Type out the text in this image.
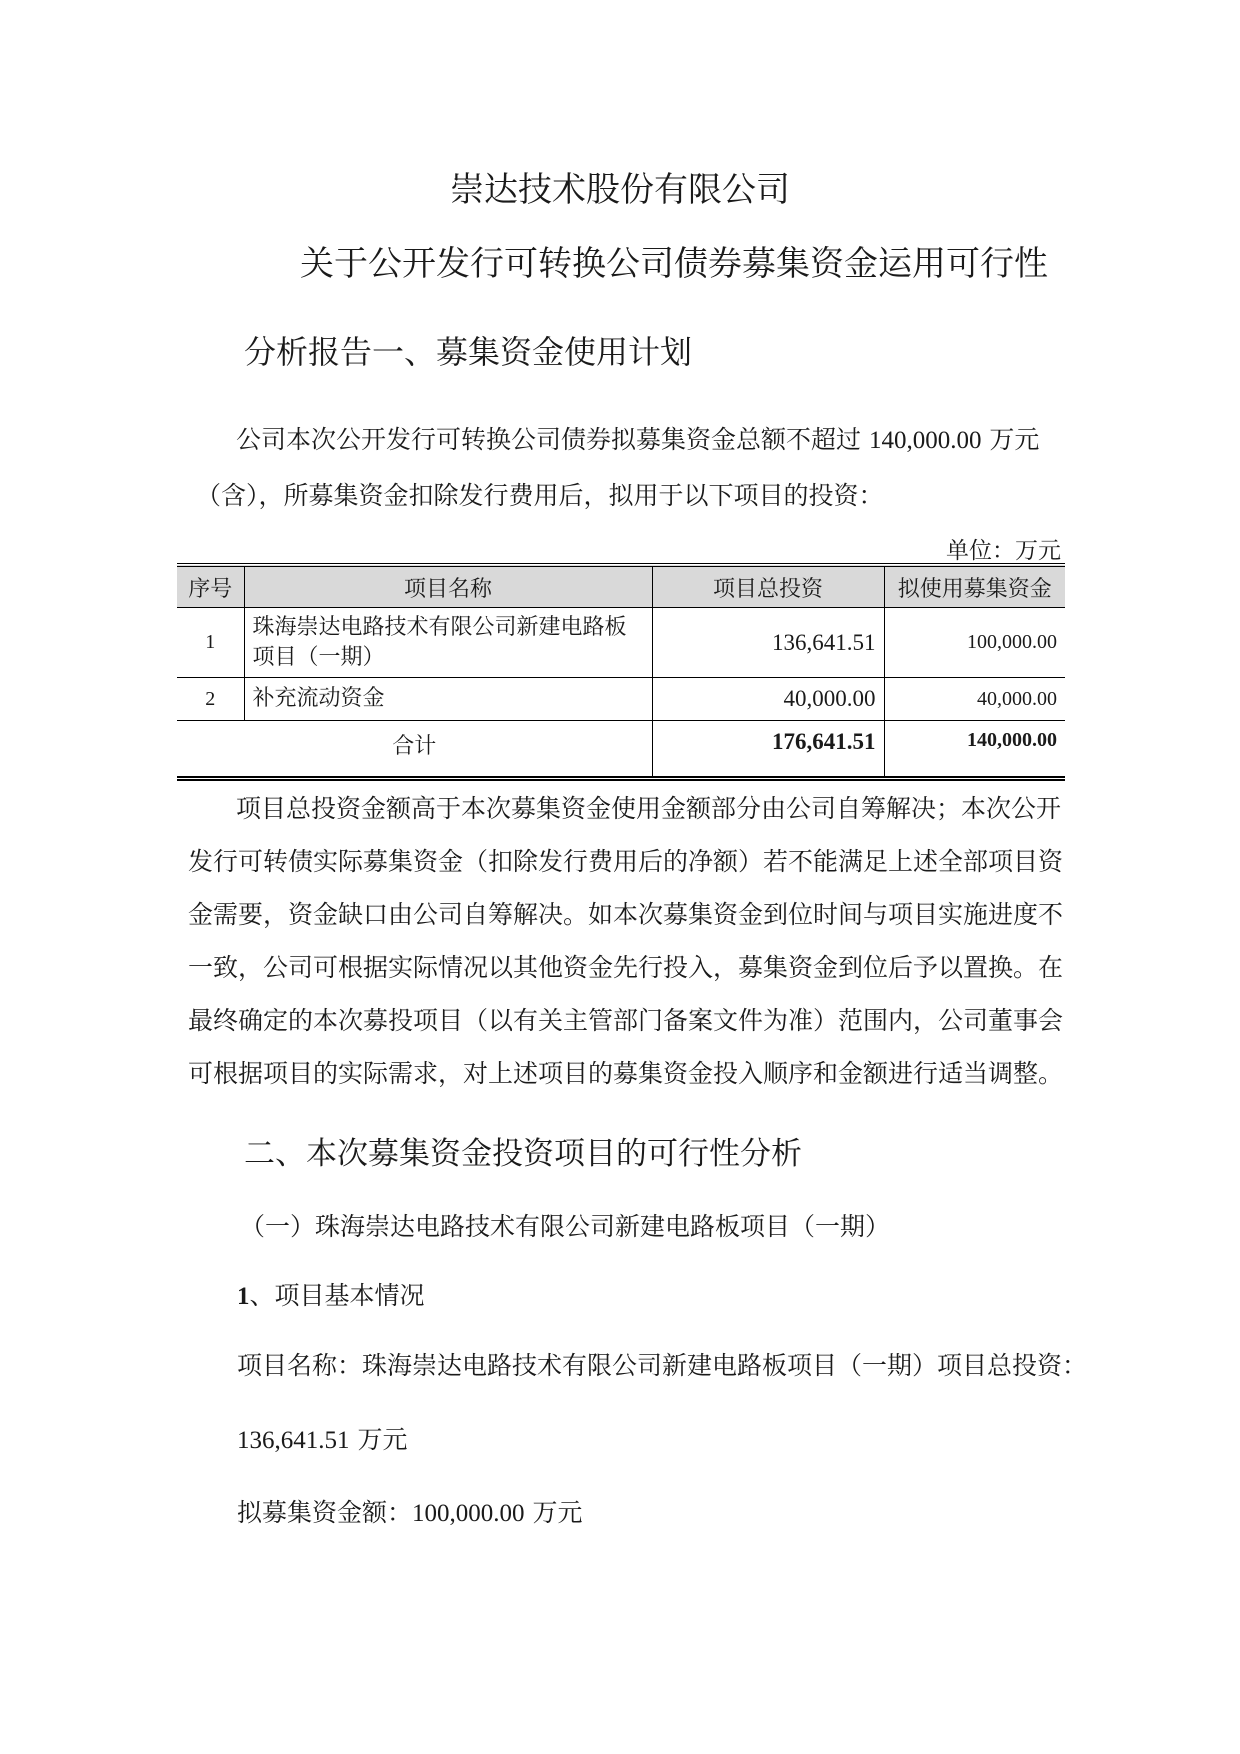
崇达技术股份有限公司
关于公开发行可转换公司债券募集资金运用可行性
分析报告一、募集资金使用计划
公司本次公开发行可转换公司债券拟募集资金总额不超过 140,000.00 万元
（含），所募集资金扣除发行费用后，拟用于以下项目的投资：
单位：万元
序号	项目名称	项目总投资	拟使用募集资金
1	珠海崇达电路技术有限公司新建电路板项目（一期）	136,641.51	100,000.00
2	补充流动资金	40,000.00	40,000.00
合计		176,641.51	140,000.00
项目总投资金额高于本次募集资金使用金额部分由公司自筹解决；本次公开发行可转债实际募集资金（扣除发行费用后的净额）若不能满足上述全部项目资金需要，资金缺口由公司自筹解决。如本次募集资金到位时间与项目实施进度不一致，公司可根据实际情况以其他资金先行投入，募集资金到位后予以置换。在最终确定的本次募投项目（以有关主管部门备案文件为准）范围内，公司董事会可根据项目的实际需求，对上述项目的募集资金投入顺序和金额进行适当调整。
二、本次募集资金投资项目的可行性分析
（一）珠海崇达电路技术有限公司新建电路板项目（一期）
1、项目基本情况
项目名称：珠海崇达电路技术有限公司新建电路板项目（一期）项目总投资：
136,641.51 万元
拟募集资金额：100,000.00 万元
